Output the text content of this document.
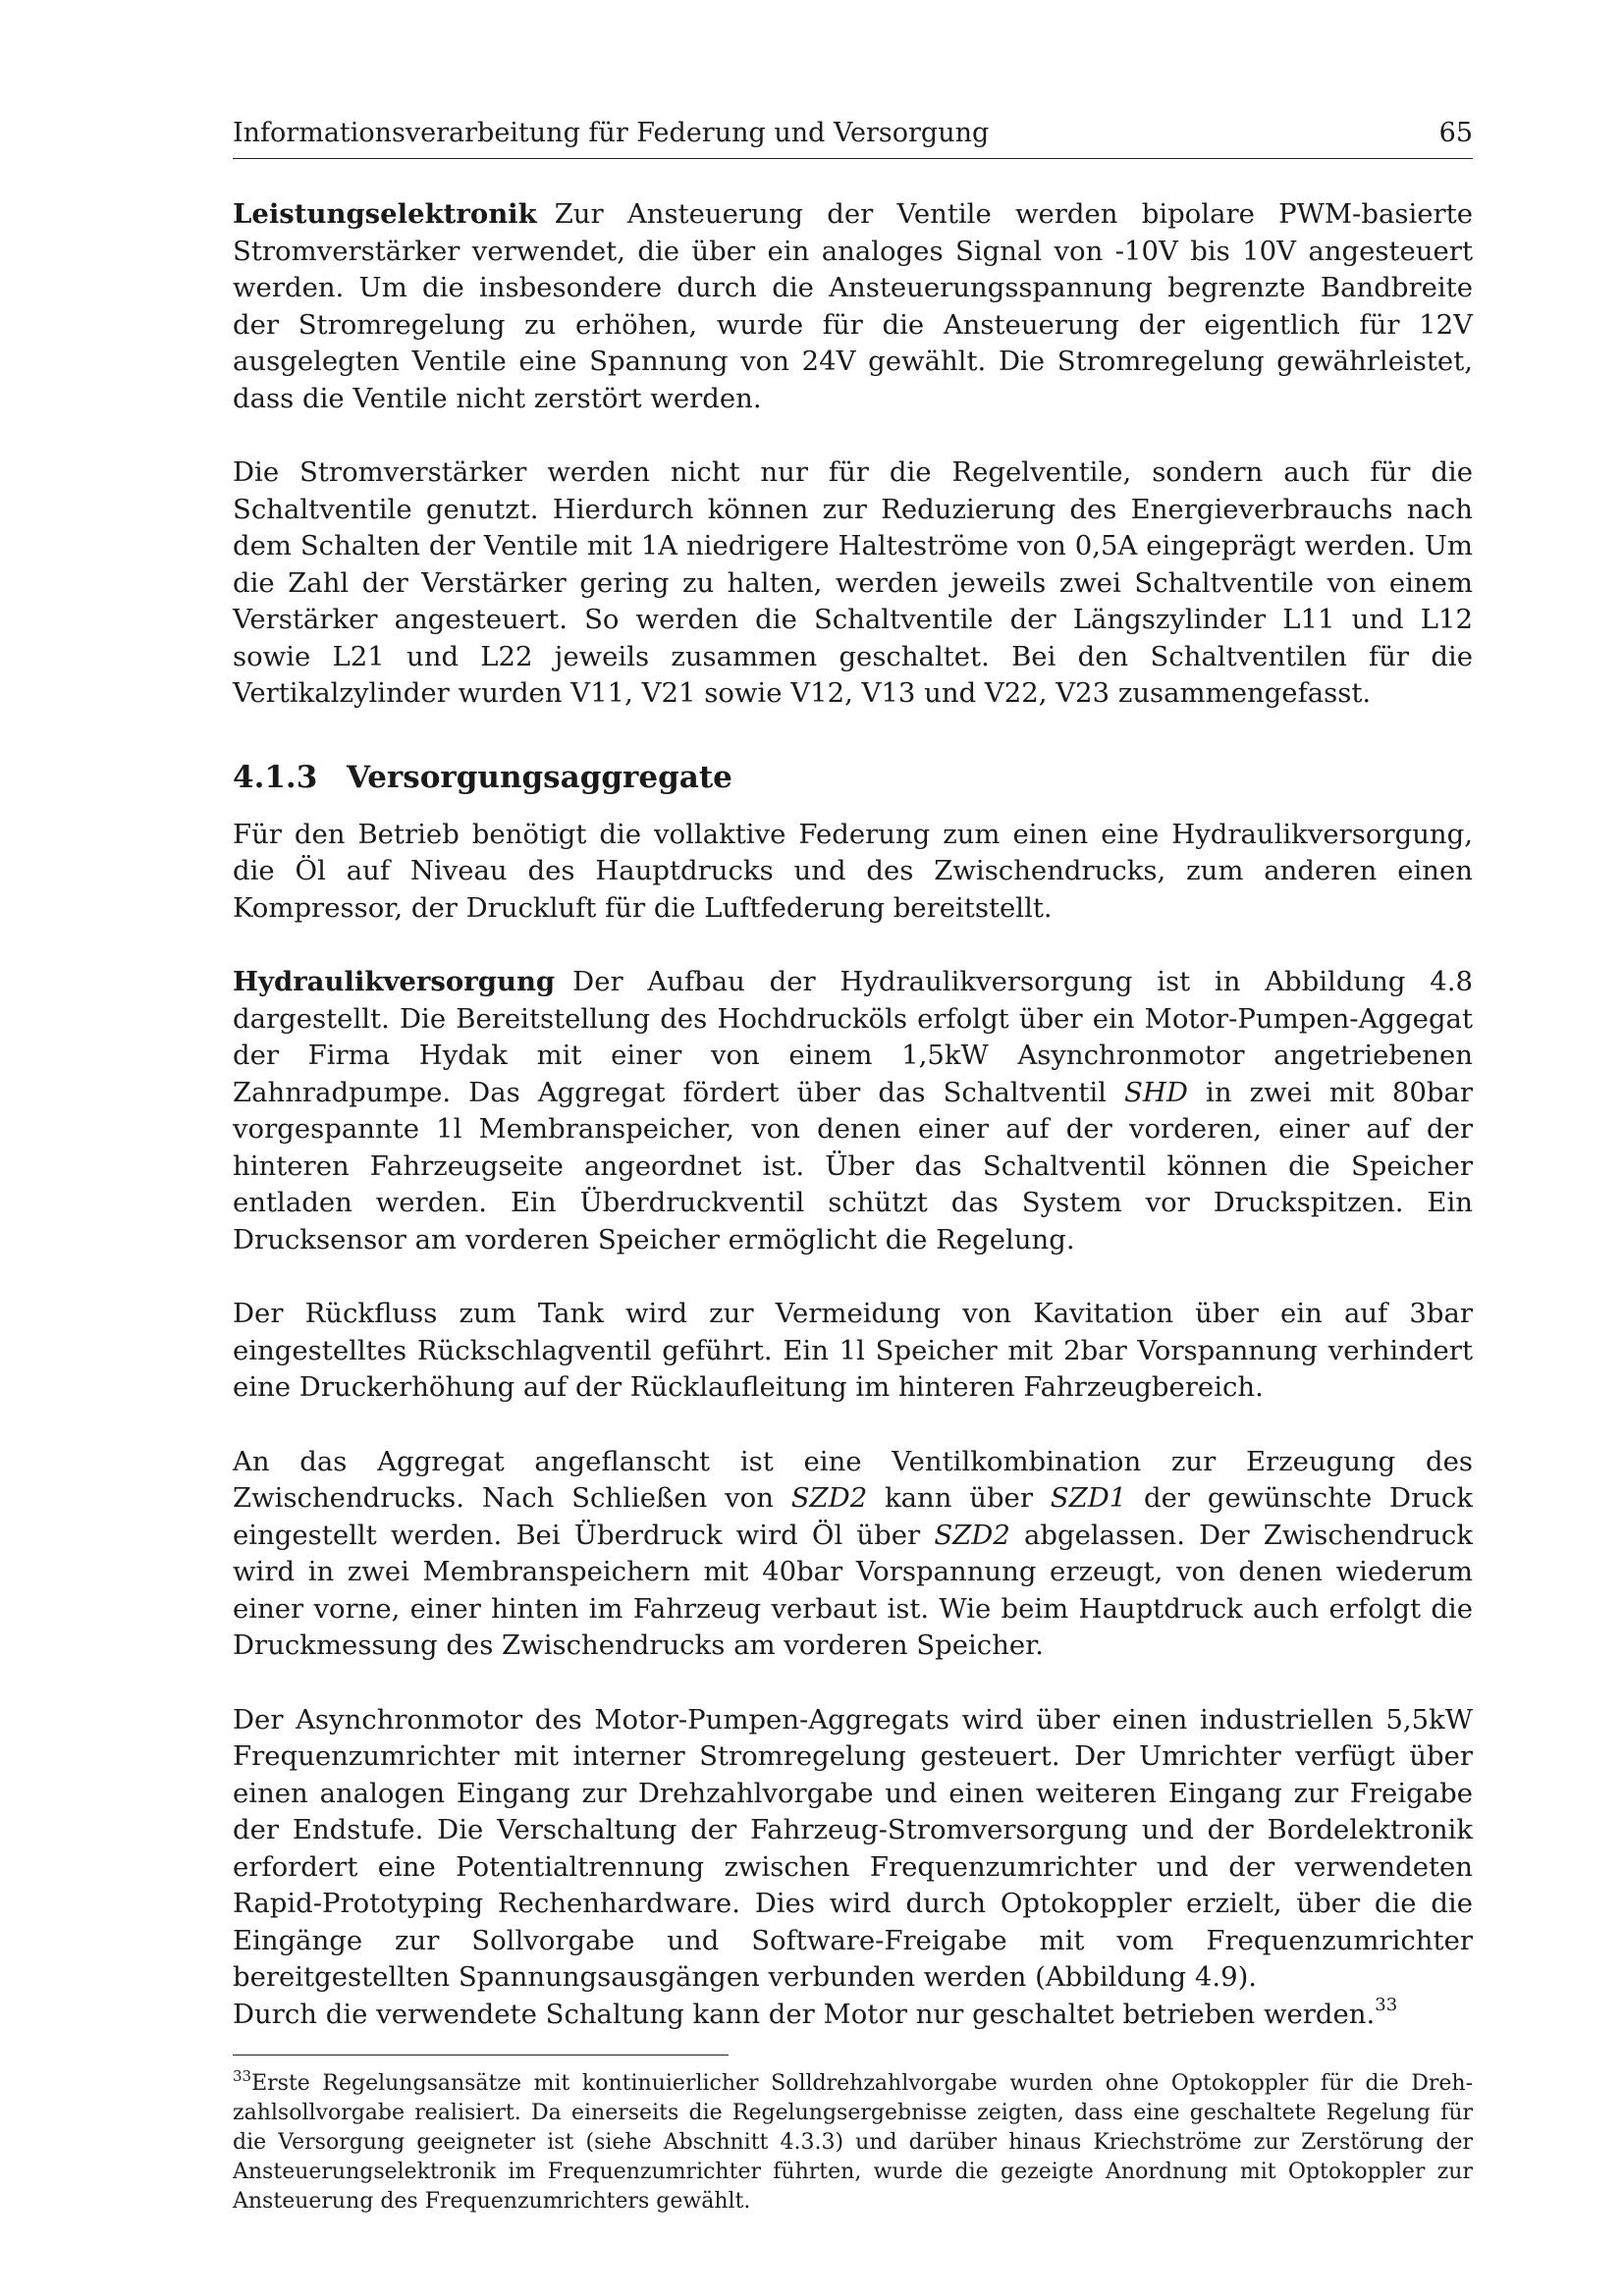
Informationsverarbeitung für Federung und Versorgung	65

Leistungselektronik Zur Ansteuerung der Ventile werden bipolare PWM-basierte Stromverstärker verwendet, die über ein analoges Signal von -10V bis 10V angesteuert werden. Um die insbesondere durch die Ansteuerungsspannung begrenzte Bandbreite der Stromregelung zu erhöhen, wurde für die Ansteuerung der eigentlich für 12V ausgelegten Ventile eine Spannung von 24V gewählt. Die Stromregelung gewährleistet, dass die Ventile nicht zerstört werden.

Die Stromverstärker werden nicht nur für die Regelventile, sondern auch für die Schaltventile genutzt. Hierdurch können zur Reduzierung des Energieverbrauchs nach dem Schalten der Ventile mit 1A niedrigere Halteströme von 0,5A eingeprägt werden. Um die Zahl der Verstärker gering zu halten, werden jeweils zwei Schaltventile von einem Verstärker angesteuert. So werden die Schaltventile der Längszylinder L11 und L12 sowie L21 und L22 jeweils zusammen geschaltet. Bei den Schaltventilen für die Vertikalzylinder wurden V11, V21 sowie V12, V13 und V22, V23 zusammengefasst.

4.1.3 Versorgungsaggregate

Für den Betrieb benötigt die vollaktive Federung zum einen eine Hydraulikversorgung, die Öl auf Niveau des Hauptdrucks und des Zwischendrucks, zum anderen einen Kompressor, der Druckluft für die Luftfederung bereitstellt.

Hydraulikversorgung Der Aufbau der Hydraulikversorgung ist in Abbildung 4.8 dargestellt. Die Bereitstellung des Hochdrucköls erfolgt über ein Motor-Pumpen-Aggegat der Firma Hydak mit einer von einem 1,5kW Asynchronmotor angetriebenen Zahnradpumpe. Das Aggregat fördert über das Schaltventil SHD in zwei mit 80bar vorgespannte 1l Membranspeicher, von denen einer auf der vorderen, einer auf der hinteren Fahrzeugseite angeordnet ist. Über das Schaltventil können die Speicher entladen werden. Ein Überdruckventil schützt das System vor Druckspitzen. Ein Drucksensor am vorderen Speicher ermöglicht die Regelung.

Der Rückfluss zum Tank wird zur Vermeidung von Kavitation über ein auf 3bar eingestelltes Rückschlagventil geführt. Ein 1l Speicher mit 2bar Vorspannung verhindert eine Druckerhöhung auf der Rücklaufleitung im hinteren Fahrzeugbereich.

An das Aggregat angeflanscht ist eine Ventilkombination zur Erzeugung des Zwischendrucks. Nach Schließen von SZD2 kann über SZD1 der gewünschte Druck eingestellt werden. Bei Überdruck wird Öl über SZD2 abgelassen. Der Zwischendruck wird in zwei Membranspeichern mit 40bar Vorspannung erzeugt, von denen wiederum einer vorne, einer hinten im Fahrzeug verbaut ist. Wie beim Hauptdruck auch erfolgt die Druckmessung des Zwischendrucks am vorderen Speicher.

Der Asynchronmotor des Motor-Pumpen-Aggregats wird über einen industriellen 5,5kW Frequenzumrichter mit interner Stromregelung gesteuert. Der Umrichter verfügt über einen analogen Eingang zur Drehzahlvorgabe und einen weiteren Eingang zur Freigabe der Endstufe. Die Verschaltung der Fahrzeug-Stromversorgung und der Bordelektronik erfordert eine Potentialtrennung zwischen Frequenzumrichter und der verwendeten Rapid-Prototyping Rechenhardware. Dies wird durch Optokoppler erzielt, über die die Eingänge zur Sollvorgabe und Software-Freigabe mit vom Frequenzumrichter bereitgestellten Spannungsausgängen verbunden werden (Abbildung 4.9).

Durch die verwendete Schaltung kann der Motor nur geschaltet betrieben werden.$^{33}$

$^{33}$Erste Regelungsansätze mit kontinuierlicher Solldrehzahlvorgabe wurden ohne Optokoppler für die Drehzahlsollvorgabe realisiert. Da einerseits die Regelungsergebnisse zeigten, dass eine geschaltete Regelung für die Versorgung geeigneter ist (siehe Abschnitt 4.3.3) und darüber hinaus Kriechströme zur Zerstörung der Ansteuerungselektronik im Frequenzumrichter führten, wurde die gezeigte Anordnung mit Optokoppler zur Ansteuerung des Frequenzumrichters gewählt.
